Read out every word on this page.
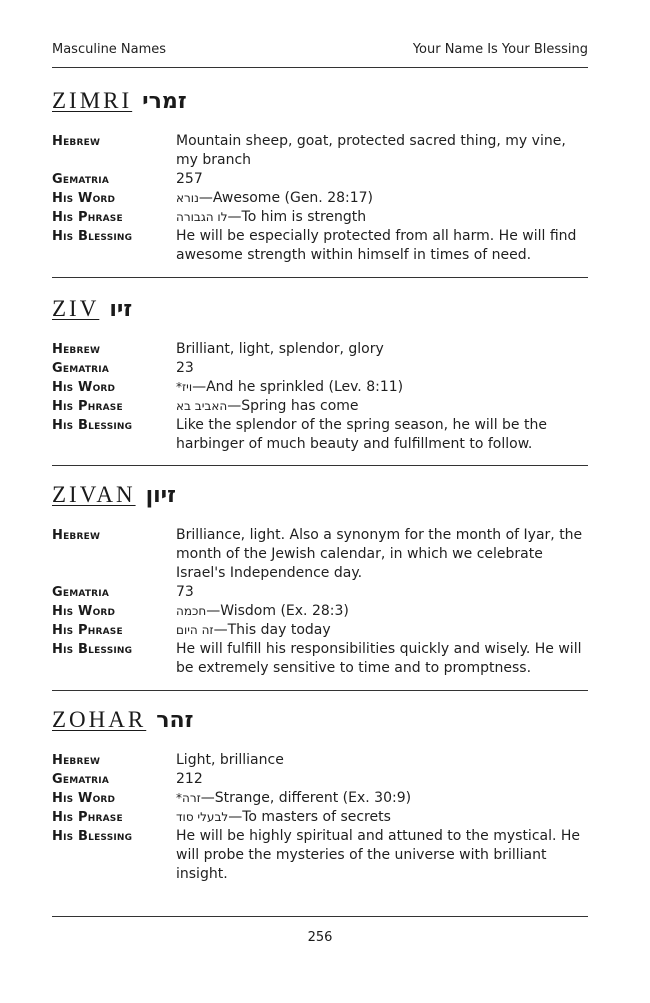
Masculine Names	Your Name Is Your Blessing
ZIMRI זמרי
Hebrew	Mountain sheep, goat, protected sacred thing, my vine, my branch
Gematria	257
His Word	נורא—Awesome (Gen. 28:17)
His Phrase	לו הגבורה—To him is strength
His Blessing	He will be especially protected from all harm. He will find awesome strength within himself in times of need.
ZIV זיו
Hebrew	Brilliant, light, splendor, glory
Gematria	23
His Word	ויז*—And he sprinkled (Lev. 8:11)
His Phrase	האביב בא—Spring has come
His Blessing	Like the splendor of the spring season, he will be the harbinger of much beauty and fulfillment to follow.
ZIVAN זיון
Hebrew	Brilliance, light. Also a synonym for the month of Iyar, the month of the Jewish calendar, in which we celebrate Israel's Independence day.
Gematria	73
His Word	חכמה—Wisdom (Ex. 28:3)
His Phrase	זה היום—This day today
His Blessing	He will fulfill his responsibilities quickly and wisely. He will be extremely sensitive to time and to promptness.
ZOHAR זהר
Hebrew	Light, brilliance
Gematria	212
His Word	זרה*—Strange, different (Ex. 30:9)
His Phrase	לבעלי סוד—To masters of secrets
His Blessing	He will be highly spiritual and attuned to the mystical. He will probe the mysteries of the universe with brilliant insight.
256
